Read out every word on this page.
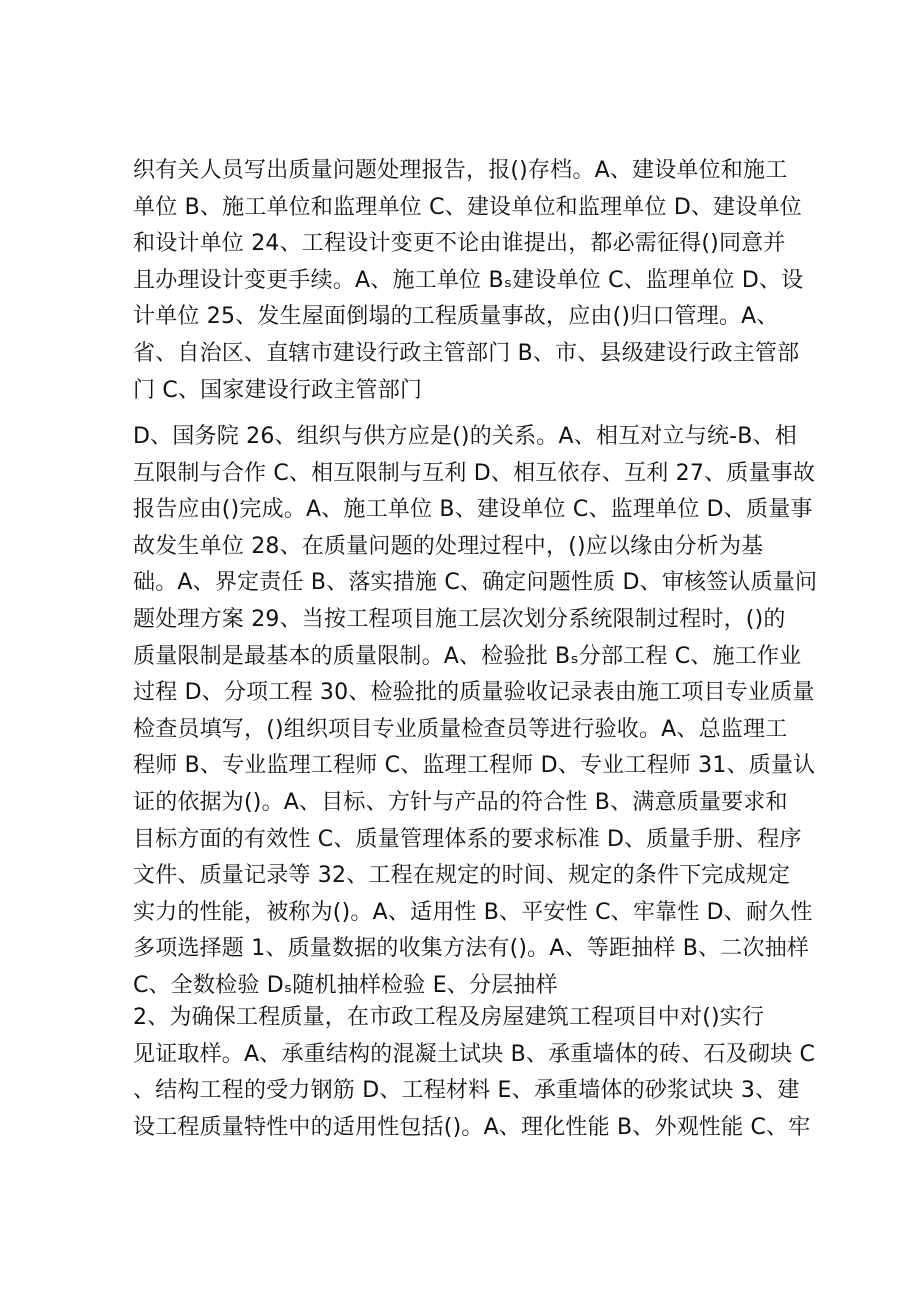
织有关人员写出质量问题处理报告，报()存档。A、建设单位和施工
单位 B、施工单位和监理单位 C、建设单位和监理单位 D、建设单位
和设计单位 24、工程设计变更不论由谁提出，都必需征得()同意并
且办理设计变更手续。A、施工单位 Bₛ建设单位 C、监理单位 D、设
计单位 25、发生屋面倒塌的工程质量事故，应由()归口管理。A、
省、自治区、直辖市建设行政主管部门 B、市、县级建设行政主管部
门 C、国家建设行政主管部门
D、国务院 26、组织与供方应是()的关系。A、相互对立与统-B、相
互限制与合作 C、相互限制与互利 D、相互依存、互利 27、质量事故
报告应由()完成。A、施工单位 B、建设单位 C、监理单位 D、质量事
故发生单位 28、在质量问题的处理过程中，()应以缘由分析为基
础。A、界定责任 B、落实措施 C、确定问题性质 D、审核签认质量问
题处理方案 29、当按工程项目施工层次划分系统限制过程时，()的
质量限制是最基本的质量限制。A、检验批 Bₛ分部工程 C、施工作业
过程 D、分项工程 30、检验批的质量验收记录表由施工项目专业质量
检查员填写，()组织项目专业质量检查员等进行验收。A、总监理工
程师 B、专业监理工程师 C、监理工程师 D、专业工程师 31、质量认
证的依据为()。A、目标、方针与产品的符合性 B、满意质量要求和
目标方面的有效性 C、质量管理体系的要求标准 D、质量手册、程序
文件、质量记录等 32、工程在规定的时间、规定的条件下完成规定
实力的性能，被称为()。A、适用性 B、平安性 C、牢靠性 D、耐久性
多项选择题 1、质量数据的收集方法有()。A、等距抽样 B、二次抽样
C、全数检验 Dₛ随机抽样检验 E、分层抽样
2、为确保工程质量，在市政工程及房屋建筑工程项目中对()实行
见证取样。A、承重结构的混凝土试块 B、承重墙体的砖、石及砌块 C
、结构工程的受力钢筋 D、工程材料 E、承重墙体的砂浆试块 3、建
设工程质量特性中的适用性包括()。A、理化性能 B、外观性能 C、牢
